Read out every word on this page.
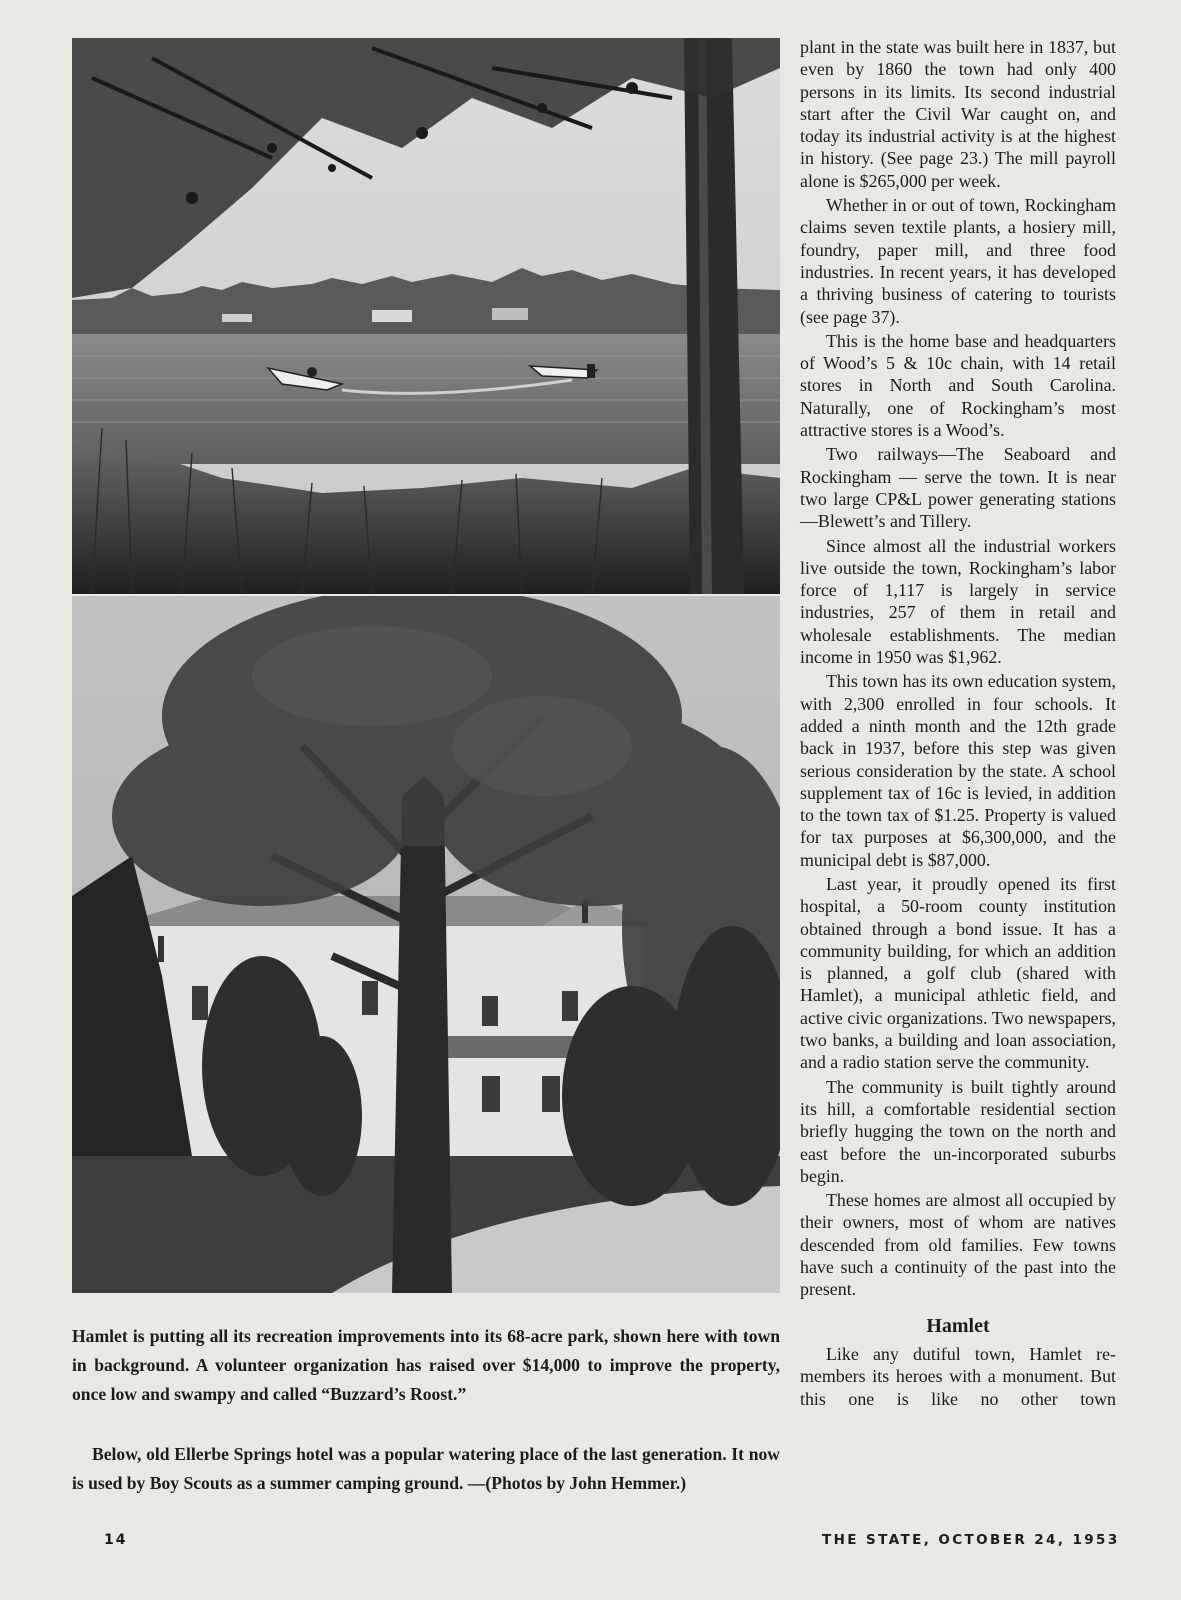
Hamlet is putting all its recreation improvements into its 68-acre park, shown here with town in background. A volunteer organization has raised over $14,000 to improve the property, once low and swampy and called “Buzzard’s Roost.”

Below, old Ellerbe Springs hotel was a popular watering place of the last generation. It now is used by Boy Scouts as a summer camping ground. —(Photos by John Hemmer.)

plant in the state was built here in 1837, but even by 1860 the town had only 400 persons in its limits. Its second industrial start after the Civil War caught on, and today its industrial activity is at the highest in history. (See page 23.) The mill payroll alone is $265,000 per week.

Whether in or out of town, Rockingham claims seven textile plants, a hosiery mill, foundry, paper mill, and three food industries. In recent years, it has developed a thriving business of catering to tourists (see page 37).

This is the home base and headquarters of Wood’s 5 & 10c chain, with 14 retail stores in North and South Carolina. Naturally, one of Rockingham’s most attractive stores is a Wood’s.

Two railways—The Seaboard and Rockingham — serve the town. It is near two large CP&L power generating stations—Blewett’s and Tillery.

Since almost all the industrial workers live outside the town, Rockingham’s labor force of 1,117 is largely in service industries, 257 of them in retail and wholesale establishments. The median income in 1950 was $1,962.

This town has its own education system, with 2,300 enrolled in four schools. It added a ninth month and the 12th grade back in 1937, before this step was given serious consideration by the state. A school supplement tax of 16c is levied, in addition to the town tax of $1.25. Property is valued for tax purposes at $6,300,000, and the municipal debt is $87,000.

Last year, it proudly opened its first hospital, a 50-room county institution obtained through a bond issue. It has a community building, for which an addition is planned, a golf club (shared with Hamlet), a municipal athletic field, and active civic organizations. Two newspapers, two banks, a building and loan association, and a radio station serve the community.

The community is built tightly around its hill, a comfortable residential section briefly hugging the town on the north and east before the un-incorporated suburbs begin.

These homes are almost all occupied by their owners, most of whom are natives descended from old families. Few towns have such a continuity of the past into the present.

Hamlet

Like any dutiful town, Hamlet remembers its heroes with a monument. But this one is like no other town

14	THE STATE, OCTOBER 24, 1953
